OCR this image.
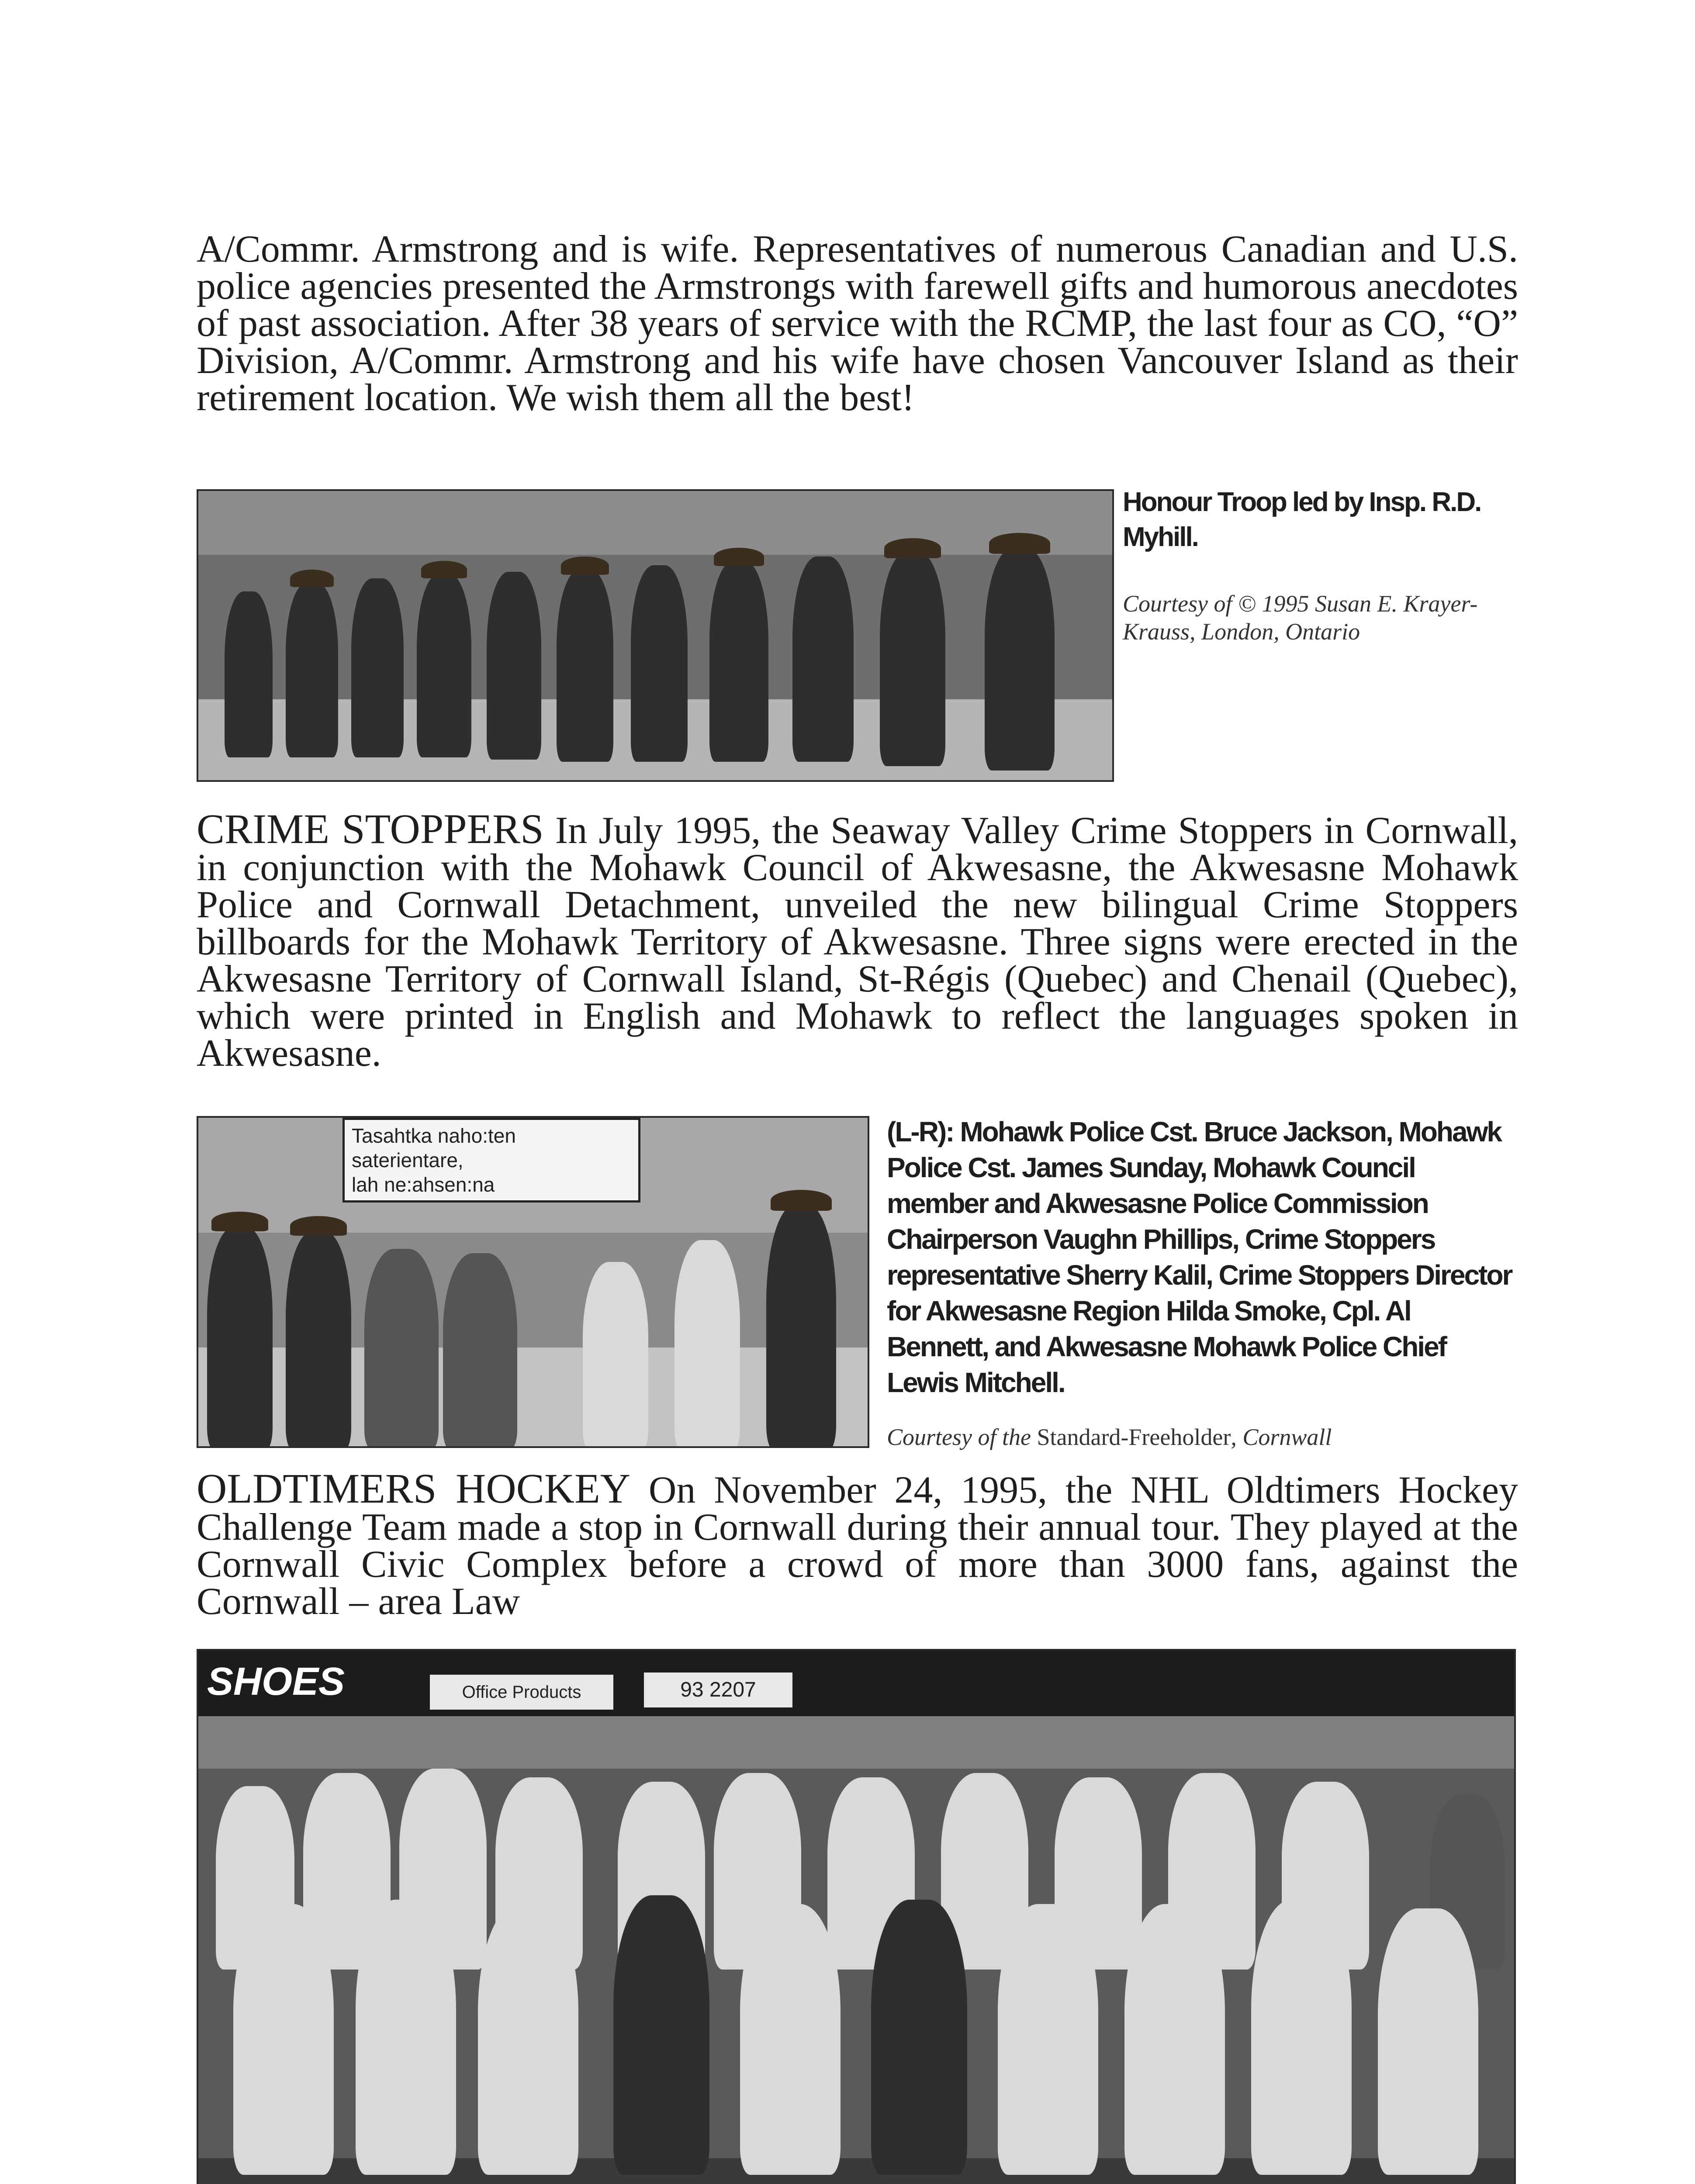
A/Commr. Armstrong and is wife. Representatives of numerous Canadian and U.S. police agencies presented the Armstrongs with farewell gifts and humorous anecdotes of past association. After 38 years of service with the RCMP, the last four as CO, “O” Division, A/Commr. Armstrong and his wife have chosen Vancouver Island as their retirement location. We wish them all the best!
Honour Troop led by Insp. R.D. Myhill.
Courtesy of © 1995 Susan E. Krayer-Krauss, London, Ontario
CRIME STOPPERS In July 1995, the Seaway Valley Crime Stoppers in Cornwall, in conjunction with the Mohawk Council of Akwesasne, the Akwesasne Mohawk Police and Cornwall Detachment, unveiled the new bilingual Crime Stoppers billboards for the Mohawk Territory of Akwesasne. Three signs were erected in the Akwesasne Territory of Cornwall Island, St-Régis (Quebec) and Chenail (Quebec), which were printed in English and Mohawk to reflect the languages spoken in Akwesasne.
Tasahtka naho:ten saterientare,
lah ne:ahsen:na
(L-R): Mohawk Police Cst. Bruce Jackson, Mohawk Police Cst. James Sunday, Mohawk Council member and Akwesasne Police Commission Chairperson Vaughn Phillips, Crime Stoppers representative Sherry Kalil, Crime Stoppers Director for Akwesasne Region Hilda Smoke, Cpl. Al Bennett, and Akwesasne Mohawk Police Chief Lewis Mitchell.
Courtesy of the Standard-Freeholder, Cornwall
OLDTIMERS HOCKEY On November 24, 1995, the NHL Oldtimers Hockey Challenge Team made a stop in Cornwall during their annual tour. They played at the Cornwall Civic Complex before a crowd of more than 3000 fans, against the Cornwall – area Law
SHOES	Office Products	93 2207
